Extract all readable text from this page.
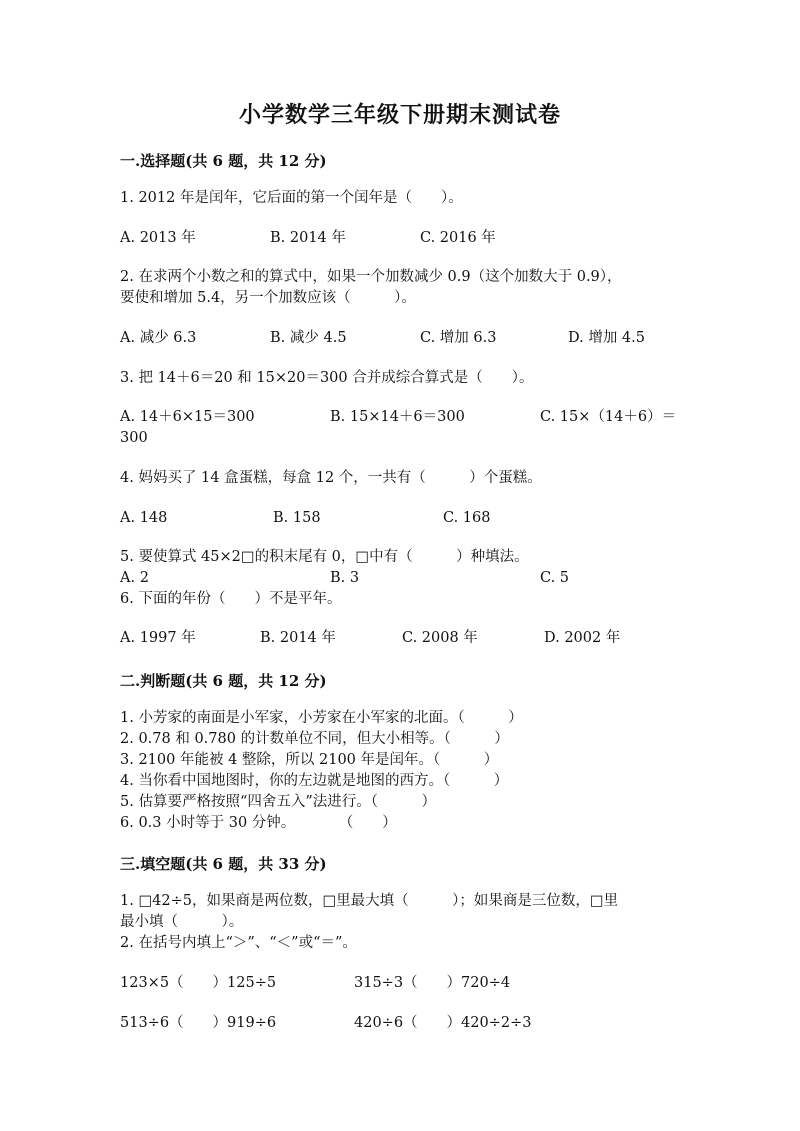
小学数学三年级下册期末测试卷
一.选择题(共 6 题，共 12 分)
1. 2012 年是闰年，它后面的第一个闰年是（　　）。
A. 2013 年	B. 2014 年	C. 2016 年
2. 在求两个小数之和的算式中，如果一个加数减少 0.9（这个加数大于 0.9），
要使和增加 5.4，另一个加数应该（　　　）。
A. 减少 6.3	B. 减少 4.5	C. 增加 6.3	D. 增加 4.5
3. 把 14＋6＝20 和 15×20＝300 合并成综合算式是（　　）。
A. 14＋6×15＝300	B. 15×14＋6＝300	C. 15×（14＋6）＝
300
4. 妈妈买了 14 盒蛋糕，每盒 12 个，一共有（　　　）个蛋糕。
A. 148	B. 158	C. 168
5. 要使算式 45×2□的积末尾有 0，□中有（　　　）种填法。
A. 2	B. 3	C. 5
6. 下面的年份（　　）不是平年。
A. 1997 年	B. 2014 年	C. 2008 年	D. 2002 年
二.判断题(共 6 题，共 12 分)
1. 小芳家的南面是小军家，小芳家在小军家的北面。（　　　）
2. 0.78 和 0.780 的计数单位不同，但大小相等。（　　　）
3. 2100 年能被 4 整除，所以 2100 年是闰年。（　　　）
4. 当你看中国地图时，你的左边就是地图的西方。（　　　）
5. 估算要严格按照“四舍五入”法进行。（　　　）
6. 0.3 小时等于 30 分钟。　　　　（　　）
三.填空题(共 6 题，共 33 分)
1. □42÷5，如果商是两位数，□里最大填（　　　）；如果商是三位数，□里
最小填（　　　）。
2. 在括号内填上“＞”、“＜”或“＝”。
123×5（　　）125÷5	315÷3（　　）720÷4
513÷6（　　）919÷6	420÷6（　　）420÷2÷3
